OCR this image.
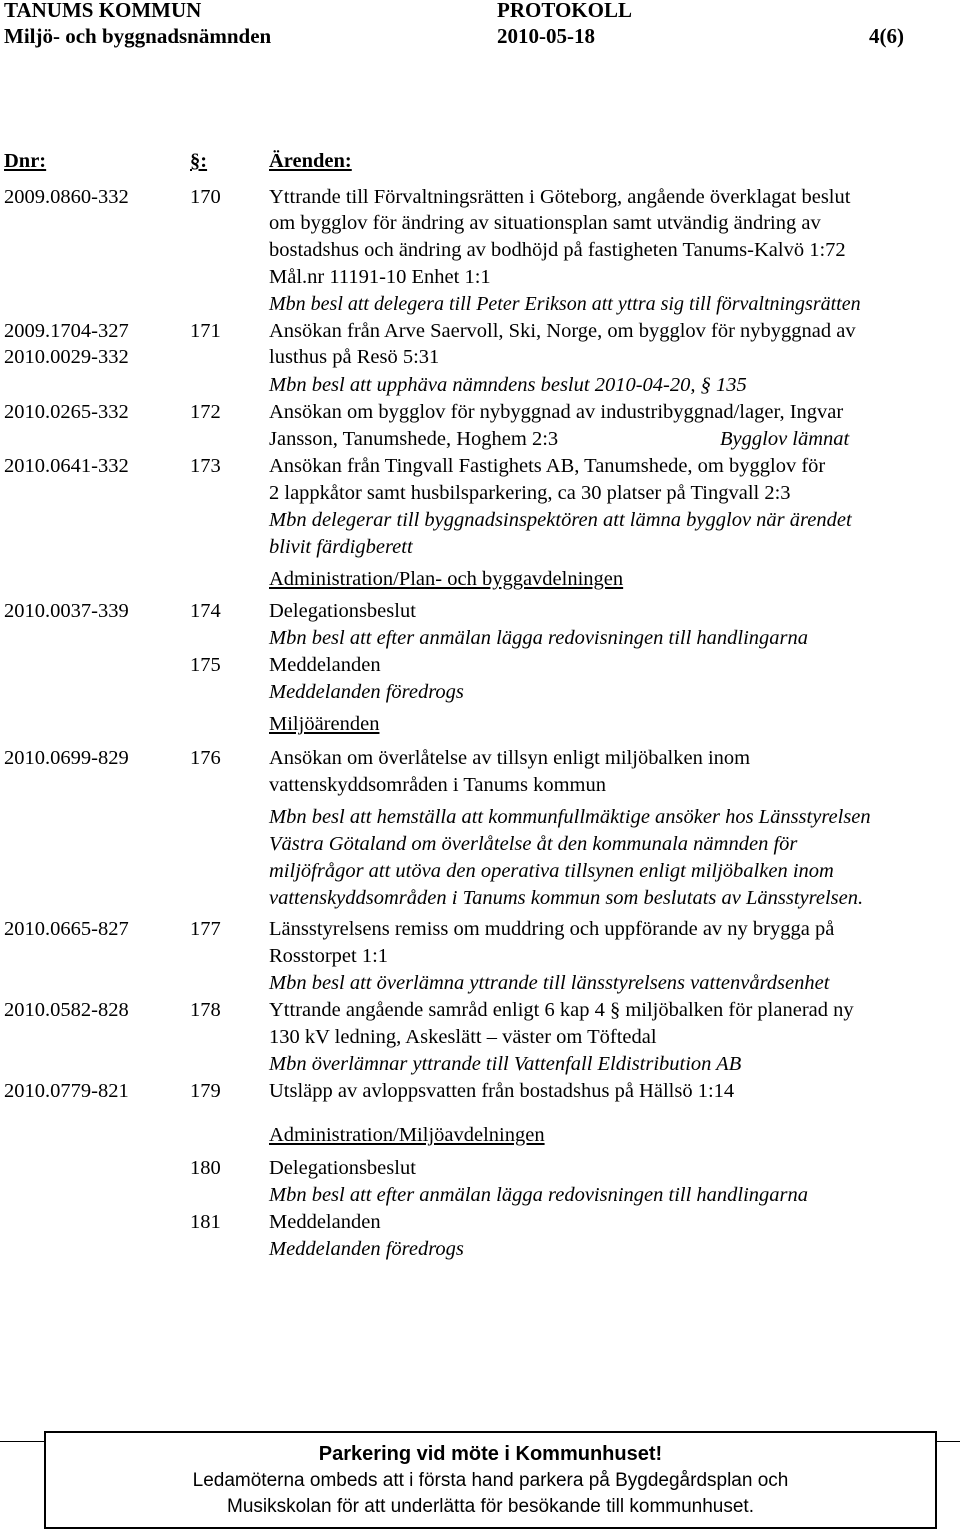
TANUMS KOMMUN	PROTOKOLL
Miljö- och byggnadsnämnden	2010-05-18	4(6)
Dnr:	§:	Ärenden:
2009.0860-332	170 Yttrande till Förvaltningsrätten i Göteborg, angående överklagat beslut
om bygglov för ändring av situationsplan samt utvändig ändring av
bostadshus och ändring av bodhöjd på fastigheten Tanums-Kalvö 1:72
Mål.nr 11191-10 Enhet 1:1
Mbn besl att delegera till Peter Erikson att yttra sig till förvaltningsrätten
2009.1704-327
2010.0029-332
171 Ansökan från Arve Saervoll, Ski, Norge, om bygglov för nybyggnad av
lusthus på Resö 5:31
Mbn besl att upphäva nämndens beslut 2010-04-20, § 135
2010.0265-332	172 Ansökan om bygglov för nybyggnad av industribyggnad/lager, Ingvar
Jansson, Tanumshede, Hoghem 2:3	Bygglov lämnat
2010.0641-332	173 Ansökan från Tingvall Fastighets AB, Tanumshede, om bygglov för
2 lappkåtor samt husbilsparkering, ca 30 platser på Tingvall 2:3
Mbn delegerar till byggnadsinspektören att lämna bygglov när ärendet
blivit färdigberett
Administration/Plan- och byggavdelningen
2010.0037-339	174 Delegationsbeslut
Mbn besl att efter anmälan lägga redovisningen till handlingarna
175 Meddelanden
Meddelanden föredrogs
Miljöärenden
2010.0699-829	176 Ansökan om överlåtelse av tillsyn enligt miljöbalken inom
vattenskyddsområden i Tanums kommun
Mbn besl att hemställa att kommunfullmäktige ansöker hos Länsstyrelsen
Västra Götaland om överlåtelse åt den kommunala nämnden för
miljöfrågor att utöva den operativa tillsynen enligt miljöbalken inom
vattenskyddsområden i Tanums kommun som beslutats av Länsstyrelsen.
2010.0665-827	177 Länsstyrelsens remiss om muddring och uppförande av ny brygga på
Rosstorpet 1:1
Mbn besl att överlämna yttrande till länsstyrelsens vattenvårdsenhet
2010.0582-828	178 Yttrande angående samråd enligt 6 kap 4 § miljöbalken för planerad ny
130 kV ledning, Askeslätt – väster om Töftedal
Mbn överlämnar yttrande till Vattenfall Eldistribution AB
2010.0779-821	179 Utsläpp av avloppsvatten från bostadshus på Hällsö 1:14
Administration/Miljöavdelningen
180 Delegationsbeslut
Mbn besl att efter anmälan lägga redovisningen till handlingarna
181 Meddelanden
Meddelanden föredrogs
Parkering vid möte i Kommunhuset!
Ledamöterna ombeds att i första hand parkera på Bygdegårdsplan och
Musikskolan för att underlätta för besökande till kommunhuset.
